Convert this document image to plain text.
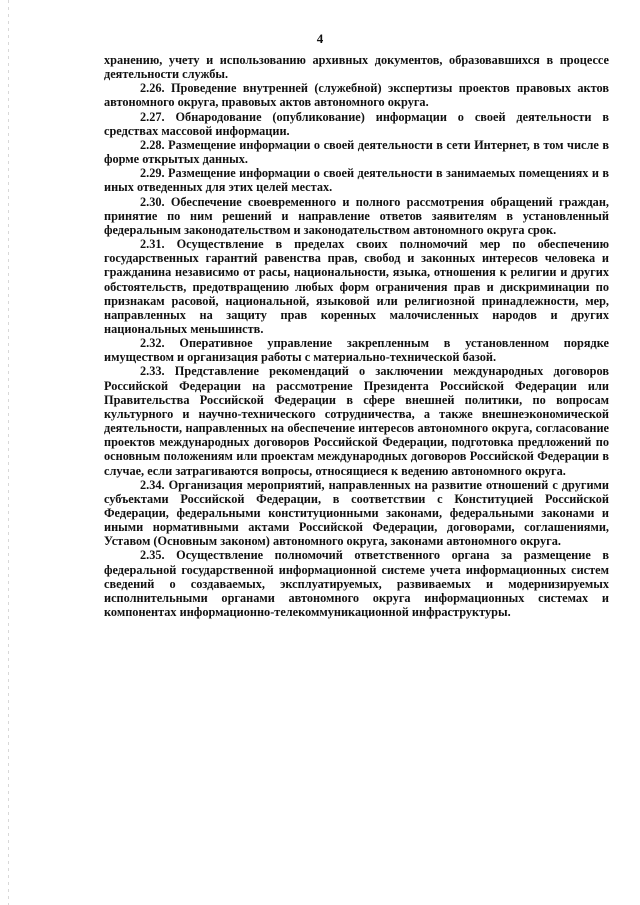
4

хранению, учету и использованию архивных документов, образовавшихся в процессе деятельности службы.

2.26. Проведение внутренней (служебной) экспертизы проектов правовых актов автономного округа, правовых актов автономного округа.

2.27. Обнародование (опубликование) информации о своей деятельности в средствах массовой информации.

2.28. Размещение информации о своей деятельности в сети Интернет, в том числе в форме открытых данных.

2.29. Размещение информации о своей деятельности в занимаемых помещениях и в иных отведенных для этих целей местах.

2.30. Обеспечение своевременного и полного рассмотрения обращений граждан, принятие по ним решений и направление ответов заявителям в установленный федеральным законодательством и законодательством автономного округа срок.

2.31. Осуществление в пределах своих полномочий мер по обеспечению государственных гарантий равенства прав, свобод и законных интересов человека и гражданина независимо от расы, национальности, языка, отношения к религии и других обстоятельств, предотвращению любых форм ограничения прав и дискриминации по признакам расовой, национальной, языковой или религиозной принадлежности, мер, направленных на защиту прав коренных малочисленных народов и других национальных меньшинств.

2.32. Оперативное управление закрепленным в установленном порядке имуществом и организация работы с материально-технической базой.

2.33. Представление рекомендаций о заключении международных договоров Российской Федерации на рассмотрение Президента Российской Федерации или Правительства Российской Федерации в сфере внешней политики, по вопросам культурного и научно-технического сотрудничества, а также внешнеэкономической деятельности, направленных на обеспечение интересов автономного округа, согласование проектов международных договоров Российской Федерации, подготовка предложений по основным положениям или проектам международных договоров Российской Федерации в случае, если затрагиваются вопросы, относящиеся к ведению автономного округа.

2.34. Организация мероприятий, направленных на развитие отношений с другими субъектами Российской Федерации, в соответствии с Конституцией Российской Федерации, федеральными конституционными законами, федеральными законами и иными нормативными актами Российской Федерации, договорами, соглашениями, Уставом (Основным законом) автономного округа, законами автономного округа.

2.35. Осуществление полномочий ответственного органа за размещение в федеральной государственной информационной системе учета информационных систем сведений о создаваемых, эксплуатируемых, развиваемых и модернизируемых исполнительными органами автономного округа информационных системах и компонентах информационно-телекоммуникационной инфраструктуры.
